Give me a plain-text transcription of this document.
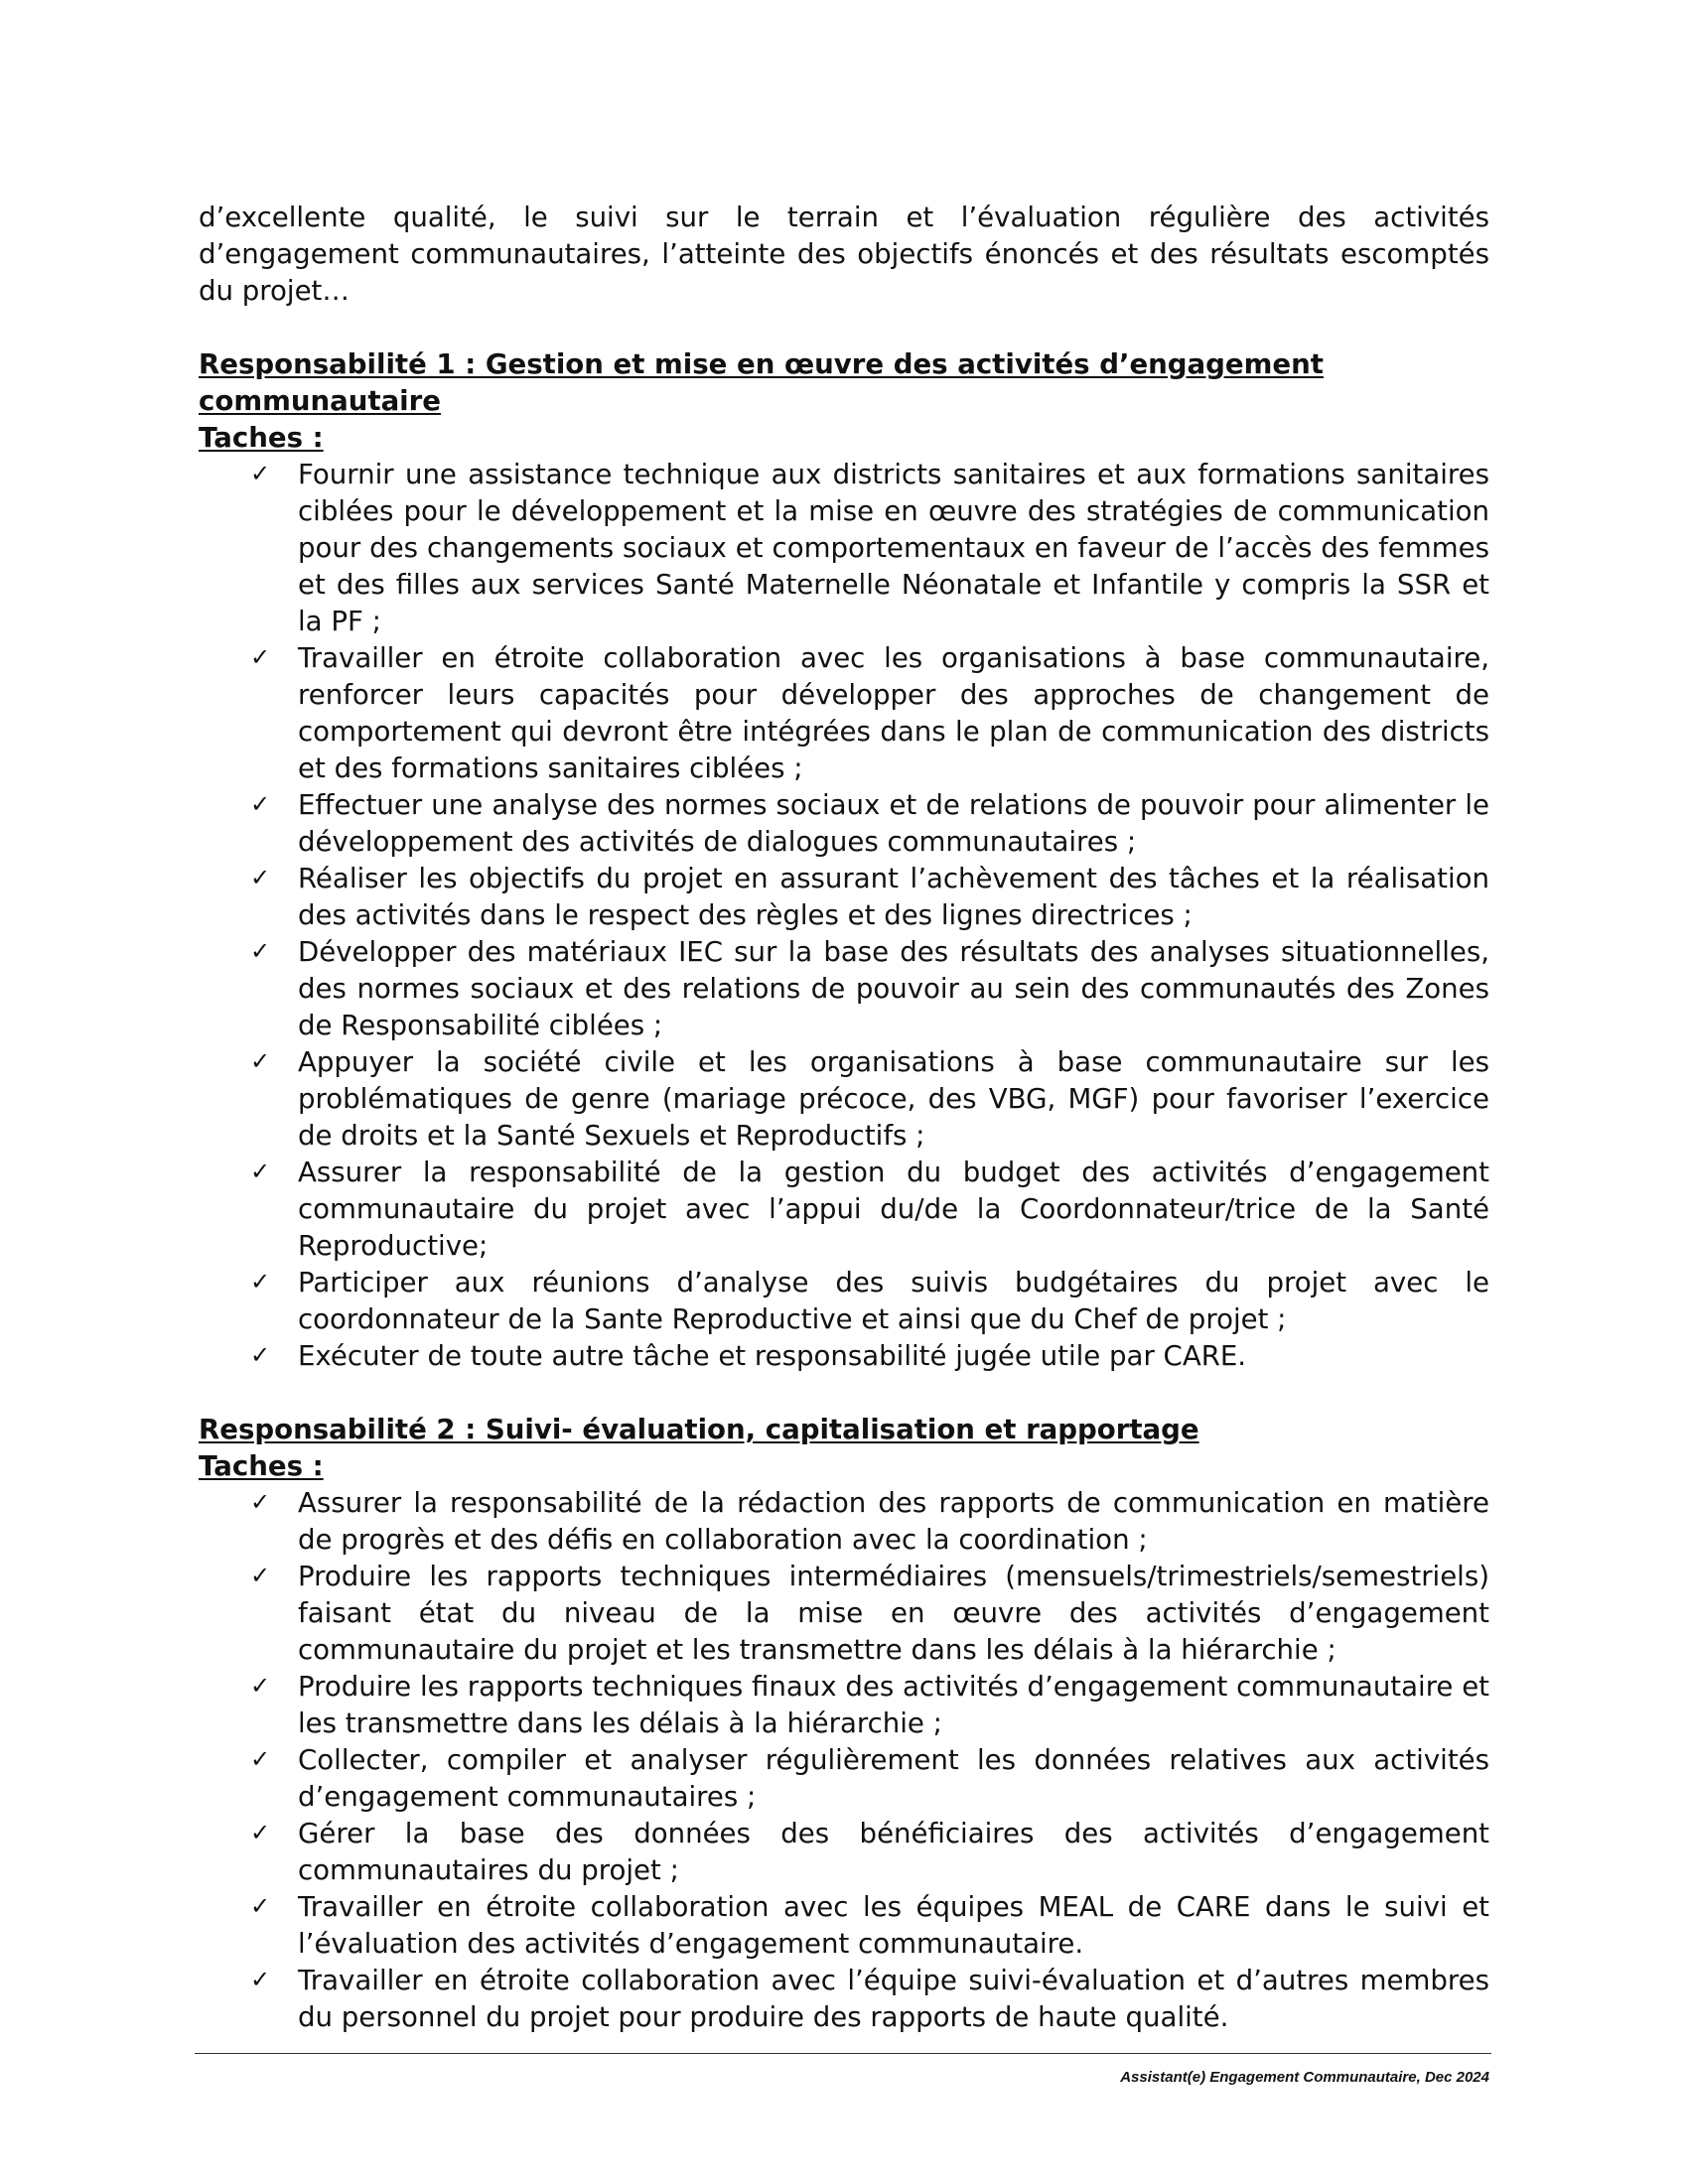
d’excellente qualité, le suivi sur le terrain et l’évaluation régulière des activités d’engagement communautaires, l’atteinte des objectifs énoncés et des résultats escomptés du projet…

Responsabilité 1 : Gestion et mise en œuvre des activités d’engagement communautaire
Taches :
✓ Fournir une assistance technique aux districts sanitaires et aux formations sanitaires ciblées pour le développement et la mise en œuvre des stratégies de communication pour des changements sociaux et comportementaux en faveur de l’accès des femmes et des filles aux services Santé Maternelle Néonatale et Infantile y compris la SSR et la PF ;
✓ Travailler en étroite collaboration avec les organisations à base communautaire, renforcer leurs capacités pour développer des approches de changement de comportement qui devront être intégrées dans le plan de communication des districts et des formations sanitaires ciblées ;
✓ Effectuer une analyse des normes sociaux et de relations de pouvoir pour alimenter le développement des activités de dialogues communautaires ;
✓ Réaliser les objectifs du projet en assurant l’achèvement des tâches et la réalisation des activités dans le respect des règles et des lignes directrices ;
✓ Développer des matériaux IEC sur la base des résultats des analyses situationnelles, des normes sociaux et des relations de pouvoir au sein des communautés des Zones de Responsabilité ciblées ;
✓ Appuyer la société civile et les organisations à base communautaire sur les problématiques de genre (mariage précoce, des VBG, MGF) pour favoriser l’exercice de droits et la Santé Sexuels et Reproductifs ;
✓ Assurer la responsabilité de la gestion du budget des activités d’engagement communautaire du projet avec l’appui du/de la Coordonnateur/trice de la Santé Reproductive;
✓ Participer aux réunions d’analyse des suivis budgétaires du projet avec le coordonnateur de la Sante Reproductive et ainsi que du Chef de projet ;
✓ Exécuter de toute autre tâche et responsabilité jugée utile par CARE.
Responsabilité 2 : Suivi- évaluation, capitalisation et rapportage
Taches :
✓ Assurer la responsabilité de la rédaction des rapports de communication en matière de progrès et des défis en collaboration avec la coordination ;
✓ Produire les rapports techniques intermédiaires (mensuels/trimestriels/semestriels) faisant état du niveau de la mise en œuvre des activités d’engagement communautaire du projet et les transmettre dans les délais à la hiérarchie ;
✓ Produire les rapports techniques finaux des activités d’engagement communautaire et les transmettre dans les délais à la hiérarchie ;
✓ Collecter, compiler et analyser régulièrement les données relatives aux activités d’engagement communautaires ;
✓ Gérer la base des données des bénéficiaires des activités d’engagement communautaires du projet ;
✓ Travailler en étroite collaboration avec les équipes MEAL de CARE dans le suivi et l’évaluation des activités d’engagement communautaire.
✓ Travailler en étroite collaboration avec l’équipe suivi-évaluation et d’autres membres du personnel du projet pour produire des rapports de haute qualité.
Assistant(e) Engagement Communautaire, Dec 2024
